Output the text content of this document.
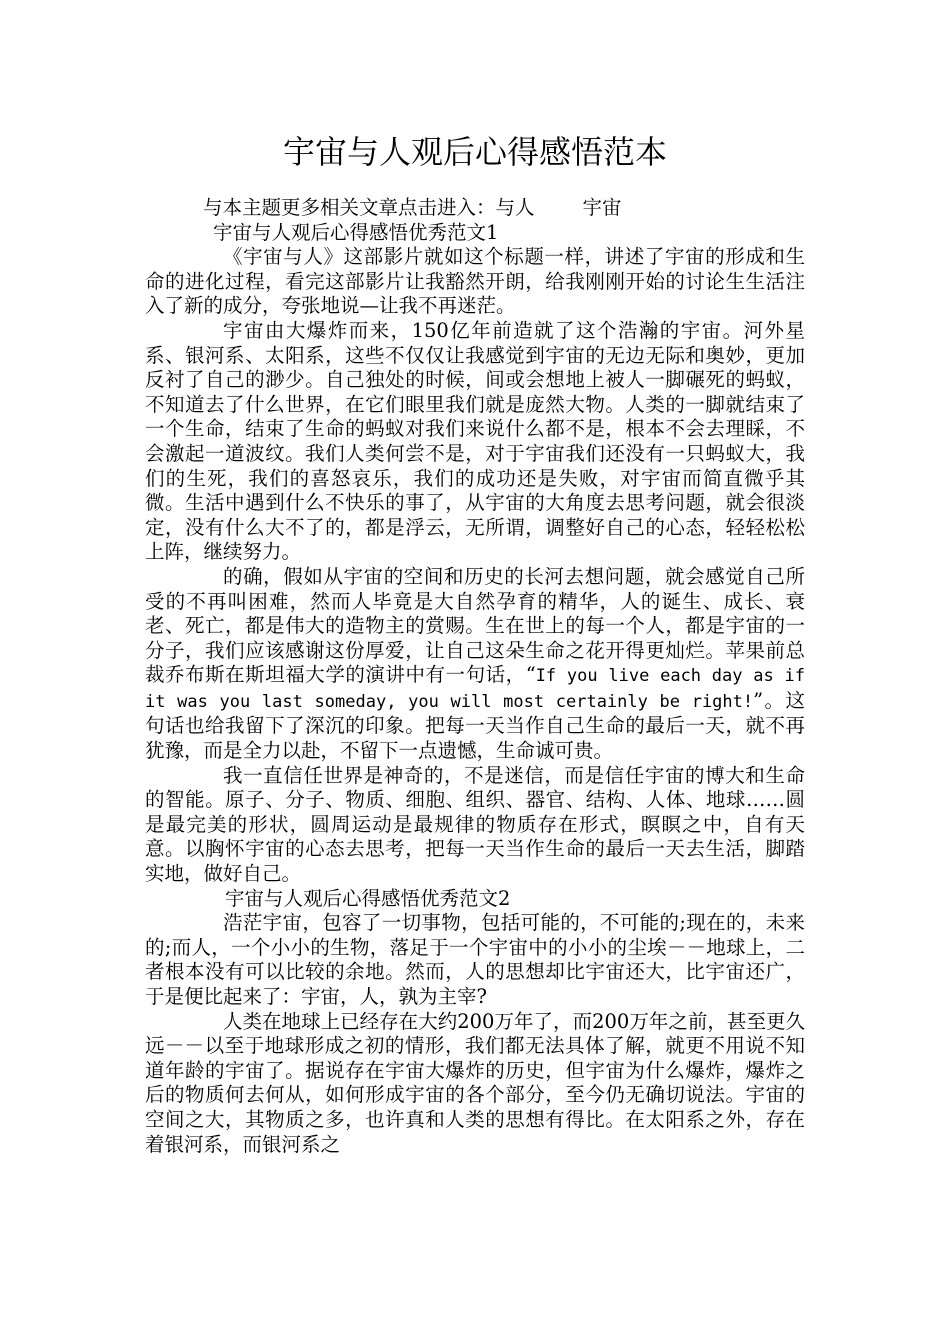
宇宙与人观后心得感悟范本

与本主题更多相关文章点击进入：与人 宇宙

宇宙与人观后心得感悟优秀范文1

《宇宙与人》这部影片就如这个标题一样，讲述了宇宙的形成和生命的进化过程，看完这部影片让我豁然开朗，给我刚刚开始的讨论生生活注入了新的成分，夸张地说—让我不再迷茫。

宇宙由大爆炸而来，150亿年前造就了这个浩瀚的宇宙。河外星系、银河系、太阳系，这些不仅仅让我感觉到宇宙的无边无际和奥妙，更加反衬了自己的渺少。自己独处的时候，间或会想地上被人一脚碾死的蚂蚁，不知道去了什么世界，在它们眼里我们就是庞然大物。人类的一脚就结束了一个生命，结束了生命的蚂蚁对我们来说什么都不是，根本不会去理睬，不会激起一道波纹。我们人类何尝不是，对于宇宙我们还没有一只蚂蚁大，我们的生死，我们的喜怒哀乐，我们的成功还是失败，对宇宙而简直微乎其微。生活中遇到什么不快乐的事了，从宇宙的大角度去思考问题，就会很淡定，没有什么大不了的，都是浮云，无所谓，调整好自己的心态，轻轻松松上阵，继续努力。

的确，假如从宇宙的空间和历史的长河去想问题，就会感觉自己所受的不再叫困难，然而人毕竟是大自然孕育的精华，人的诞生、成长、衰老、死亡，都是伟大的造物主的赏赐。生在世上的每一个人，都是宇宙的一分子，我们应该感谢这份厚爱，让自己这朵生命之花开得更灿烂。苹果前总裁乔布斯在斯坦福大学的演讲中有一句话，“If you live each day as if it was you last someday, you will most certainly be right!”。这句话也给我留下了深沉的印象。把每一天当作自己生命的最后一天，就不再犹豫，而是全力以赴，不留下一点遗憾，生命诚可贵。

我一直信任世界是神奇的，不是迷信，而是信任宇宙的博大和生命的智能。原子、分子、物质、细胞、组织、器官、结构、人体、地球……圆是最完美的形状，圆周运动是最规律的物质存在形式，瞑瞑之中，自有天意。以胸怀宇宙的心态去思考，把每一天当作生命的最后一天去生活，脚踏实地，做好自己。

宇宙与人观后心得感悟优秀范文2

浩茫宇宙，包容了一切事物，包括可能的，不可能的;现在的，未来的;而人，一个小小的生物，落足于一个宇宙中的小小的尘埃－－地球上，二者根本没有可以比较的余地。然而，人的思想却比宇宙还大，比宇宙还广，于是便比起来了：宇宙，人，孰为主宰?

人类在地球上已经存在大约200万年了，而200万年之前，甚至更久远－－以至于地球形成之初的情形，我们都无法具体了解，就更不用说不知道年龄的宇宙了。据说存在宇宙大爆炸的历史，但宇宙为什么爆炸，爆炸之后的物质何去何从，如何形成宇宙的各个部分，至今仍无确切说法。宇宙的空间之大，其物质之多，也许真和人类的思想有得比。在太阳系之外，存在着银河系，而银河系之
